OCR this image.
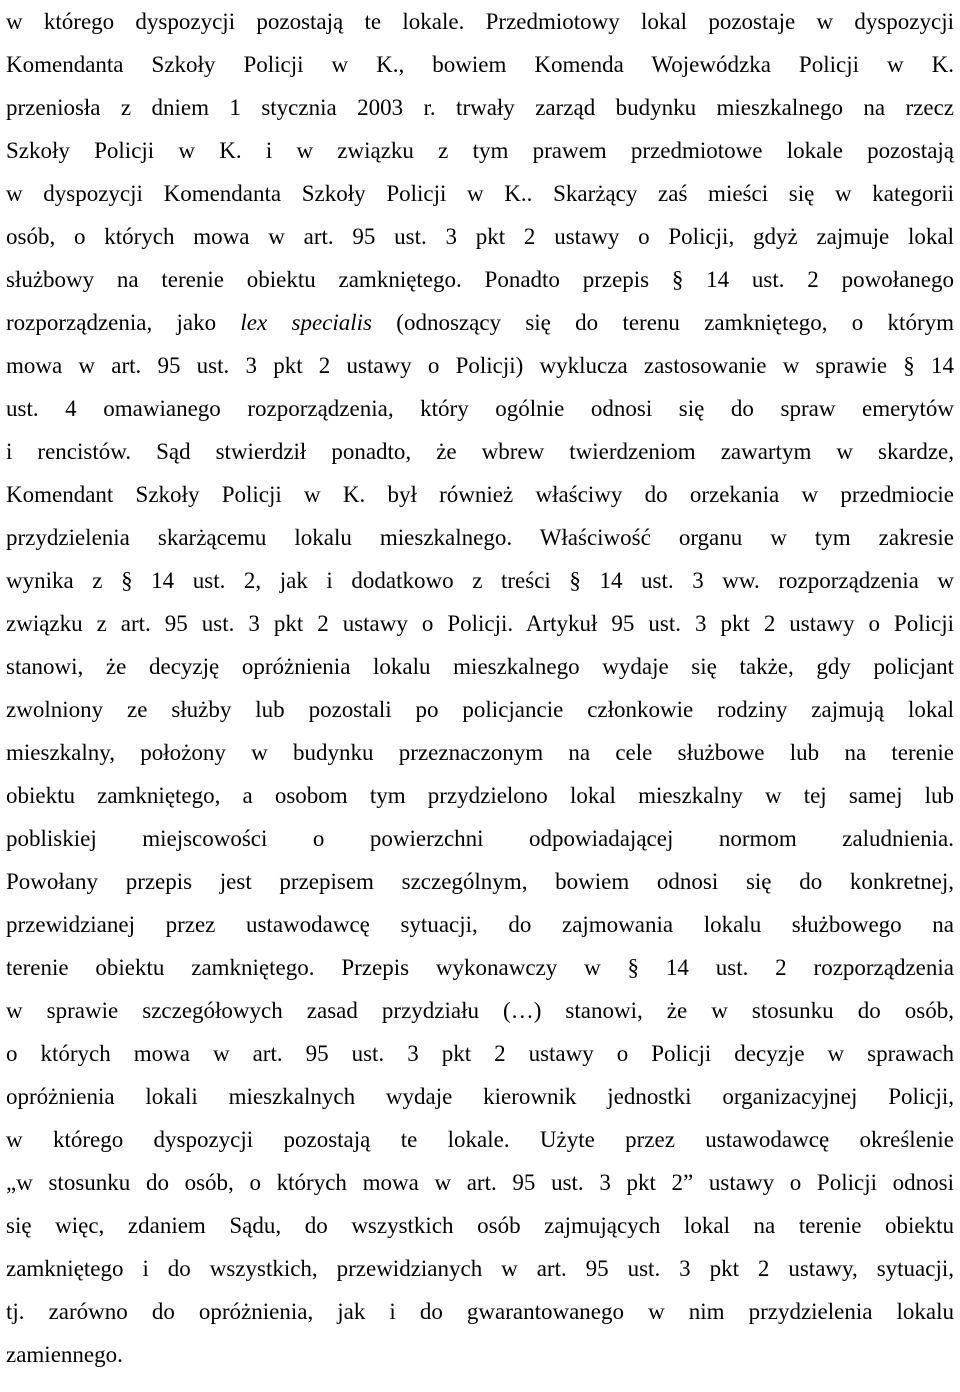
w którego dyspozycji pozostają te lokale. Przedmiotowy lokal pozostaje w dyspozycji
Komendanta Szkoły Policji w K., bowiem Komenda Wojewódzka Policji w K.
przeniosła z dniem 1 stycznia 2003 r. trwały zarząd budynku mieszkalnego na rzecz
Szkoły Policji w K. i w związku z tym prawem przedmiotowe lokale pozostają
w dyspozycji Komendanta Szkoły Policji w K.. Skarżący zaś mieści się w kategorii
osób, o których mowa w art. 95 ust. 3 pkt 2 ustawy o Policji, gdyż zajmuje lokal
służbowy na terenie obiektu zamkniętego. Ponadto przepis § 14 ust. 2 powołanego
rozporządzenia, jako lex specialis (odnoszący się do terenu zamkniętego, o którym
mowa w art. 95 ust. 3 pkt 2 ustawy o Policji) wyklucza zastosowanie w sprawie § 14
ust. 4 omawianego rozporządzenia, który ogólnie odnosi się do spraw emerytów
i rencistów. Sąd stwierdził ponadto, że wbrew twierdzeniom zawartym w skardze,
Komendant Szkoły Policji w K. był również właściwy do orzekania w przedmiocie
przydzielenia skarżącemu lokalu mieszkalnego. Właściwość organu w tym zakresie
wynika z § 14 ust. 2, jak i dodatkowo z treści § 14 ust. 3 ww. rozporządzenia w
związku z art. 95 ust. 3 pkt 2 ustawy o Policji. Artykuł 95 ust. 3 pkt 2 ustawy o Policji
stanowi, że decyzję opróżnienia lokalu mieszkalnego wydaje się także, gdy policjant
zwolniony ze służby lub pozostali po policjancie członkowie rodziny zajmują lokal
mieszkalny, położony w budynku przeznaczonym na cele służbowe lub na terenie
obiektu zamkniętego, a osobom tym przydzielono lokal mieszkalny w tej samej lub
pobliskiej miejscowości o powierzchni odpowiadającej normom zaludnienia.
Powołany przepis jest przepisem szczególnym, bowiem odnosi się do konkretnej,
przewidzianej przez ustawodawcę sytuacji, do zajmowania lokalu służbowego na
terenie obiektu zamkniętego. Przepis wykonawczy w § 14 ust. 2 rozporządzenia
w sprawie szczegółowych zasad przydziału (…) stanowi, że w stosunku do osób,
o których mowa w art. 95 ust. 3 pkt 2 ustawy o Policji decyzje w sprawach
opróżnienia lokali mieszkalnych wydaje kierownik jednostki organizacyjnej Policji,
w którego dyspozycji pozostają te lokale. Użyte przez ustawodawcę określenie
„w stosunku do osób, o których mowa w art. 95 ust. 3 pkt 2” ustawy o Policji odnosi
się więc, zdaniem Sądu, do wszystkich osób zajmujących lokal na terenie obiektu
zamkniętego i do wszystkich, przewidzianych w art. 95 ust. 3 pkt 2 ustawy, sytuacji,
tj. zarówno do opróżnienia, jak i do gwarantowanego w nim przydzielenia lokalu
zamiennego.
